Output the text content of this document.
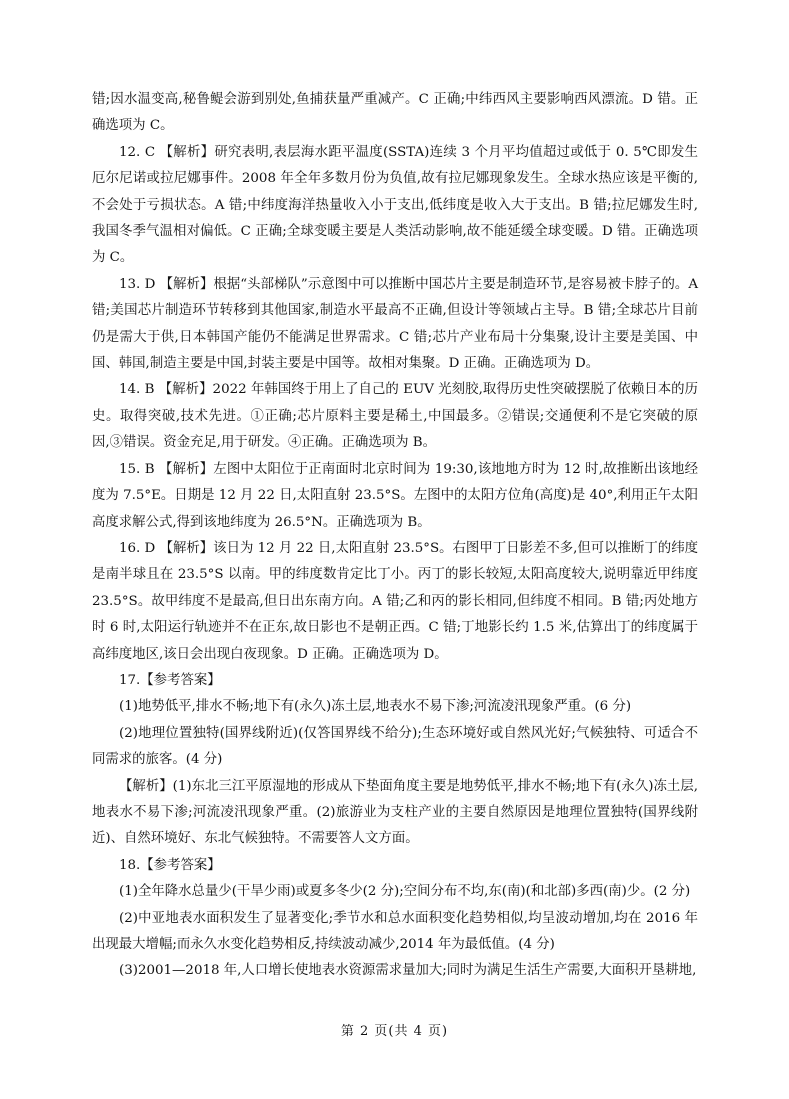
错;因水温变高,秘鲁鳀会游到别处,鱼捕获量严重减产。C 正确;中纬西风主要影响西风漂流。D 错。正确选项为 C。

12. C 【解析】研究表明,表层海水距平温度(SSTA)连续 3 个月平均值超过或低于 0. 5℃即发生厄尔尼诺或拉尼娜事件。2008 年全年多数月份为负值,故有拉尼娜现象发生。全球水热应该是平衡的,不会处于亏损状态。A 错;中纬度海洋热量收入小于支出,低纬度是收入大于支出。B 错;拉尼娜发生时,我国冬季气温相对偏低。C 正确;全球变暖主要是人类活动影响,故不能延缓全球变暖。D 错。正确选项为 C。

13. D 【解析】根据“头部梯队”示意图中可以推断中国芯片主要是制造环节,是容易被卡脖子的。A 错;美国芯片制造环节转移到其他国家,制造水平最高不正确,但设计等领域占主导。B 错;全球芯片目前仍是需大于供,日本韩国产能仍不能满足世界需求。C 错;芯片产业布局十分集聚,设计主要是美国、中国、韩国,制造主要是中国,封装主要是中国等。故相对集聚。D 正确。正确选项为 D。

14. B 【解析】2022 年韩国终于用上了自己的 EUV 光刻胶,取得历史性突破摆脱了依赖日本的历史。取得突破,技术先进。①正确;芯片原料主要是稀土,中国最多。②错误;交通便利不是它突破的原因,③错误。资金充足,用于研发。④正确。正确选项为 B。

15. B 【解析】左图中太阳位于正南面时北京时间为 19:30,该地地方时为 12 时,故推断出该地经度为 7.5°E。日期是 12 月 22 日,太阳直射 23.5°S。左图中的太阳方位角(高度)是 40°,利用正午太阳高度求解公式,得到该地纬度为 26.5°N。正确选项为 B。

16. D 【解析】该日为 12 月 22 日,太阳直射 23.5°S。右图甲丁日影差不多,但可以推断丁的纬度是南半球且在 23.5°S 以南。甲的纬度数肯定比丁小。丙丁的影长较短,太阳高度较大,说明靠近甲纬度 23.5°S。故甲纬度不是最高,但日出东南方向。A 错;乙和丙的影长相同,但纬度不相同。B 错;丙处地方时 6 时,太阳运行轨迹并不在正东,故日影也不是朝正西。C 错;丁地影长约 1.5 米,估算出丁的纬度属于高纬度地区,该日会出现白夜现象。D 正确。正确选项为 D。

17.【参考答案】

(1)地势低平,排水不畅;地下有(永久)冻土层,地表水不易下渗;河流凌汛现象严重。(6 分)

(2)地理位置独特(国界线附近)(仅答国界线不给分);生态环境好或自然风光好;气候独特、可适合不同需求的旅客。(4 分)

【解析】(1)东北三江平原湿地的形成从下垫面角度主要是地势低平,排水不畅;地下有(永久)冻土层,地表水不易下渗;河流凌汛现象严重。(2)旅游业为支柱产业的主要自然原因是地理位置独特(国界线附近)、自然环境好、东北气候独特。不需要答人文方面。

18.【参考答案】

(1)全年降水总量少(干旱少雨)或夏多冬少(2 分);空间分布不均,东(南)(和北部)多西(南)少。(2 分)

(2)中亚地表水面积发生了显著变化;季节水和总水面积变化趋势相似,均呈波动增加,均在 2016 年出现最大增幅;而永久水变化趋势相反,持续波动减少,2014 年为最低值。(4 分)

(3)2001—2018 年,人口增长使地表水资源需求量加大;同时为满足生活生产需要,大面积开垦耕地,

第 2 页(共 4 页)
